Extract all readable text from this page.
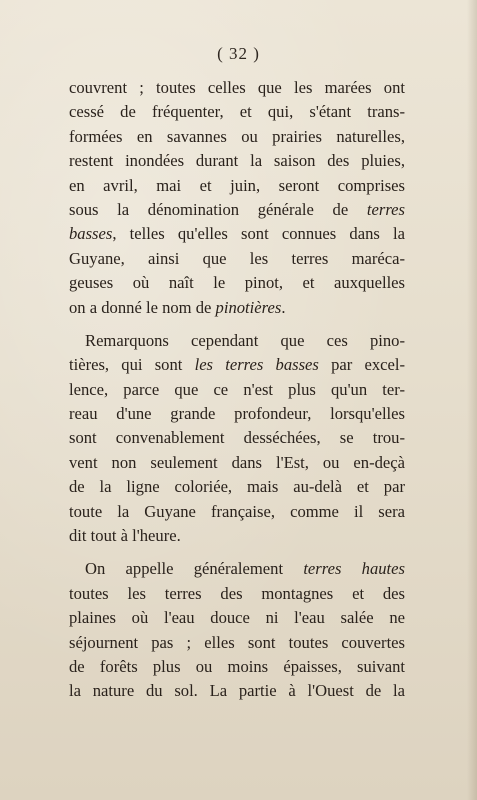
( 32 )
couvrent ; toutes celles que les marées ont
cessé de fréquenter, et qui, s'étant trans-
formées en savannes ou prairies naturelles,
restent inondées durant la saison des pluies,
en avril, mai et juin, seront comprises
sous la dénomination générale de terres
basses, telles qu'elles sont connues dans la
Guyane, ainsi que les terres maréca-
geuses où naît le pinot, et auxquelles
on a donné le nom de pinotières.
Remarquons cependant que ces pino-
tières, qui sont les terres basses par excel-
lence, parce que ce n'est plus qu'un ter-
reau d'une grande profondeur, lorsqu'elles
sont convenablement desséchées, se trou-
vent non seulement dans l'Est, ou en-deçà
de la ligne coloriée, mais au-delà et par
toute la Guyane française, comme il sera
dit tout à l'heure.
On appelle généralement terres hautes
toutes les terres des montagnes et des
plaines où l'eau douce ni l'eau salée ne
séjournent pas ; elles sont toutes couvertes
de forêts plus ou moins épaisses, suivant
la nature du sol. La partie à l'Ouest de la
